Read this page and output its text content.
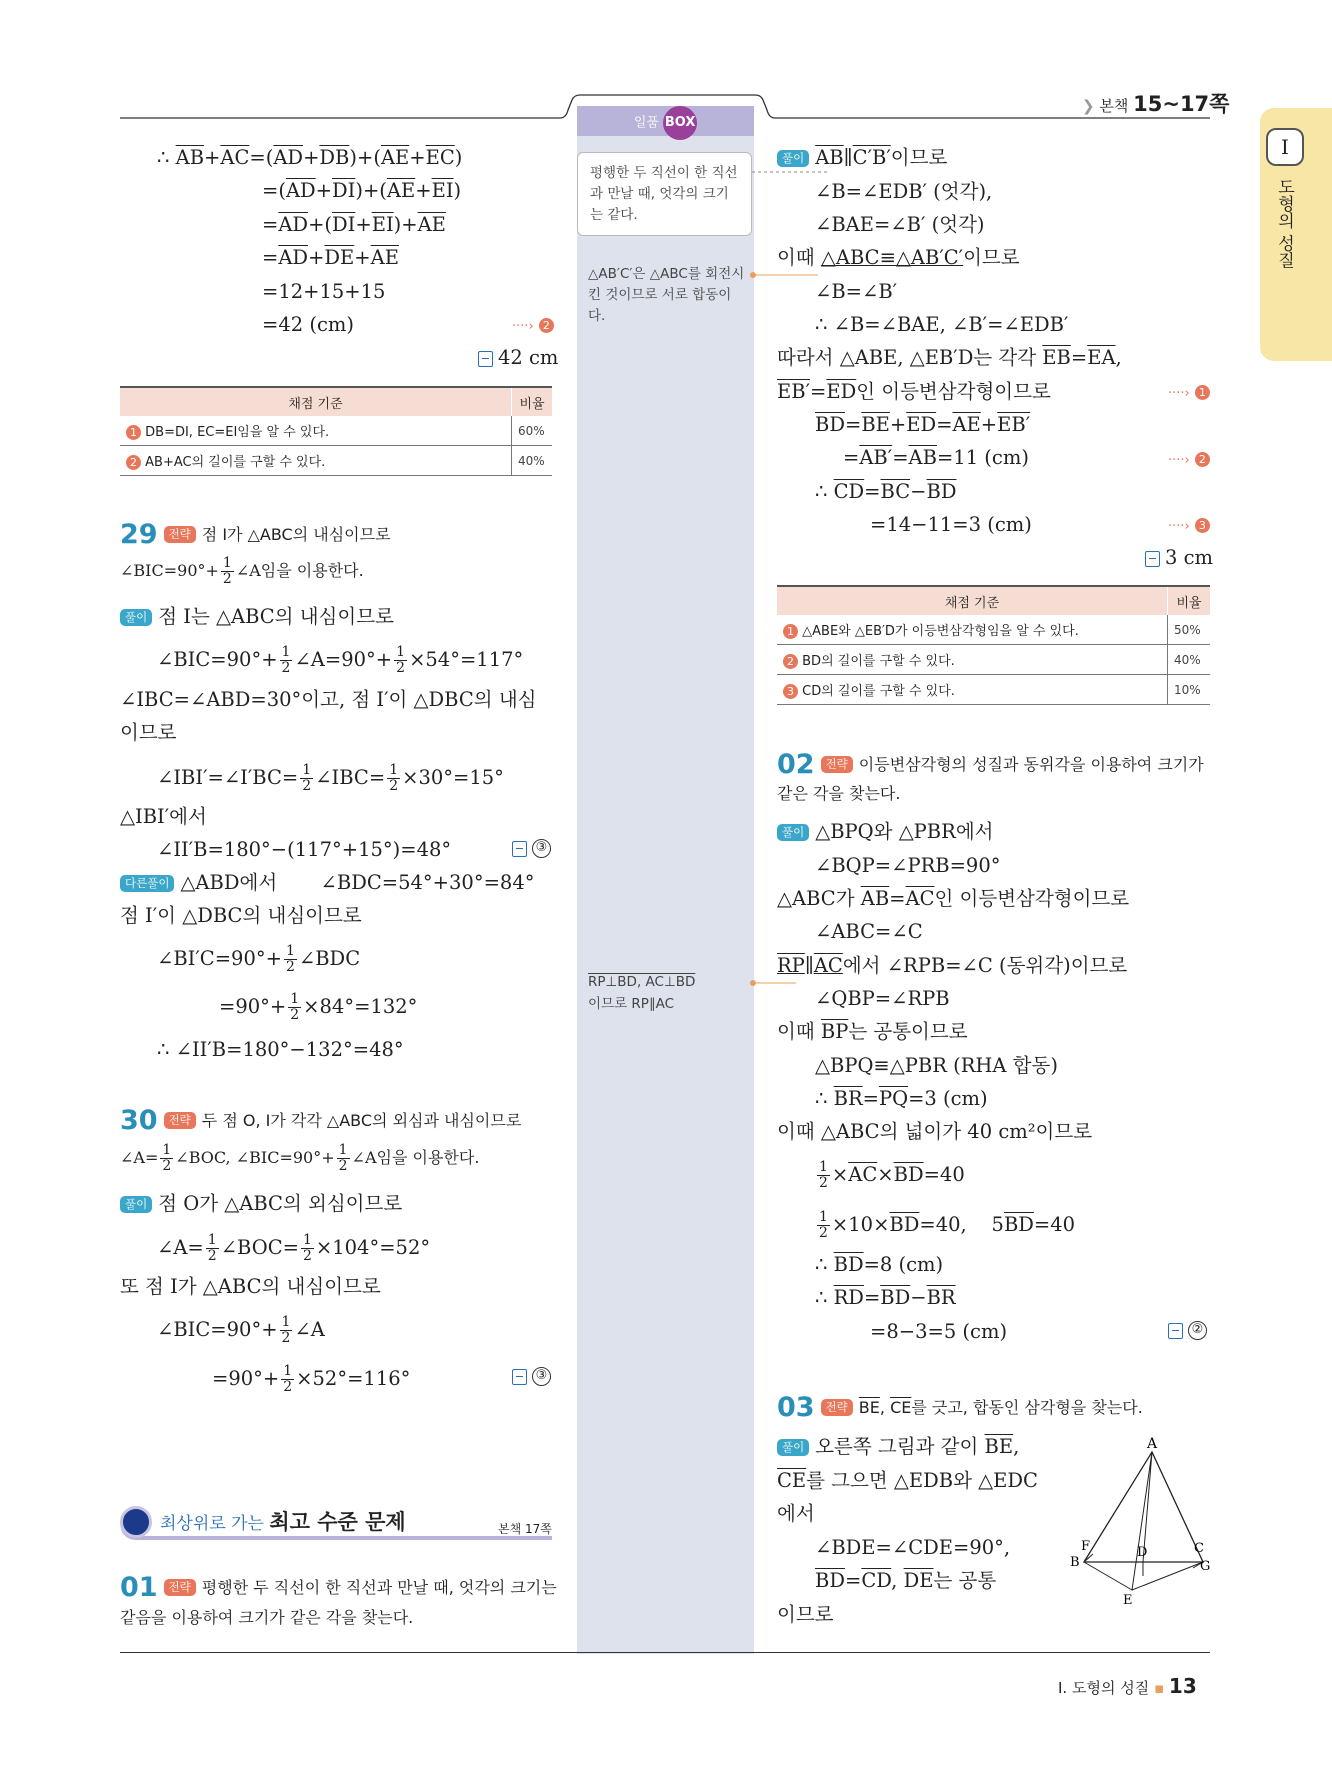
❯ 본책 15~17쪽
I
도형의 성질
일품 BOX
평행한 두 직선이 한 직선과 만날 때, 엇각의 크기는 같다.
△AB′C′은 △ABC를 회전시킨 것이므로 서로 합동이다.
RP⊥BD, AC⊥BD
이므로 RP∥AC
∴ $\overline{AB}+\overline{AC}=(\overline{AD}+\overline{DB})+(\overline{AE}+\overline{EC})$
$=(\overline{AD}+\overline{DI})+(\overline{AE}+\overline{EI})$
$=\overline{AD}+(\overline{DI}+\overline{EI})+\overline{AE}$
$=\overline{AD}+\overline{DE}+\overline{AE}$
=12+15+15
=42 (cm)	····› 2
42 cm
채점 기준	비율
1 DB=DI, EC=EI임을 알 수 있다.	60%
2 AB+AC의 길이를 구할 수 있다.	40%
29 전략 점 I가 △ABC의 내심이므로
∠BIC=90°+ $\frac{1}{2}$ ∠A임을 이용한다.
풀이 점 I는 △ABC의 내심이므로
∠BIC=90°+ $\frac{1}{2}$ ∠A=90°+ $\frac{1}{2} \times 54^\circ=117^\circ$
∠IBC=∠ABD=30°이고, 점 I′이 △DBC의 내심
이므로
∠IBI′=∠I′BC= $\frac{1}{2}$ ∠IBC= $\frac{1}{2} \times 30^\circ=15^\circ$
△IBI′에서
∠II′B=180°−(117°+15°)=48°	③
다른풀이 △ABD에서       ∠BDC=54°+30°=84°
점 I′이 △DBC의 내심이므로
∠BI′C=90°+ $\frac{1}{2}$ ∠BDC
$=90^\circ+ \frac{1}{2} \times 84^\circ=132^\circ$
∴ ∠II′B=180°−132°=48°
30 전략 두 점 O, I가 각각 △ABC의 외심과 내심이므로
∠A= $\frac{1}{2}$ ∠BOC, ∠BIC=90°+ $\frac{1}{2}$ ∠A임을 이용한다.
풀이 점 O가 △ABC의 외심이므로
∠A= $\frac{1}{2}$ ∠BOC= $\frac{1}{2} \times 104^\circ=52^\circ$
또 점 I가 △ABC의 내심이므로
∠BIC=90°+ $\frac{1}{2}$ ∠A
$=90^\circ+ \frac{1}{2} \times 52^\circ=116^\circ$	③
최상위로 가는 최고 수준 문제	본책 17쪽
01 전략 평행한 두 직선이 한 직선과 만날 때, 엇각의 크기는
같음을 이용하여 크기가 같은 각을 찾는다.
풀이 $\overline{AB}\parallel C'B'$이므로
∠B=∠EDB′ (엇각),
∠BAE=∠B′ (엇각)
이때 △ABC≡△AB′C′이므로
∠B=∠B′
∴ ∠B=∠BAE, ∠B′=∠EDB′
따라서 △ABE, △EB′D는 각각 $\overline{EB}=\overline{EA}$,
$EB'=\overline{ED}$인 이등변삼각형이므로	····› 1
$\overline{BD}=\overline{BE}+\overline{ED}=\overline{AE}+EB'$
$=AB'=\overline{AB}=11$ (cm)	····› 2
∴ $\overline{CD}=\overline{BC}-\overline{BD}$
=14−11=3 (cm)	····› 3
3 cm
채점 기준	비율
1 △ABE와 △EB′D가 이등변삼각형임을 알 수 있다.	50%
2 BD의 길이를 구할 수 있다.	40%
3 CD의 길이를 구할 수 있다.	10%
02 전략 이등변삼각형의 성질과 동위각을 이용하여 크기가
같은 각을 찾는다.
풀이 △BPQ와 △PBR에서
∠BQP=∠PRB=90°
△ABC가 $\overline{AB}=\overline{AC}$인 이등변삼각형이므로
∠ABC=∠C
RP∥AC에서 ∠RPB=∠C (동위각)이므로
∠QBP=∠RPB
이때 $\overline{BP}$는 공통이므로
△BPQ≡△PBR (RHA 합동)
∴ $\overline{BR}=\overline{PQ}=3$ (cm)
이때 △ABC의 넓이가 40 cm²이므로
$\frac{1}{2} \times\overline{AC}\times\overline{BD}=40$
$\frac{1}{2} \times 10\times\overline{BD}=40$,    $5\overline{BD}=40$
∴ $\overline{BD}=8$ (cm)
∴ $\overline{RD}=\overline{BD}-\overline{BR}$
=8−3=5 (cm)	②
03 전략 $\overline{BE}$, $\overline{CE}$를 긋고, 합동인 삼각형을 찾는다.
풀이 오른쪽 그림과 같이 $\overline{BE}$,
$\overline{CE}$를 그으면 △EDB와 △EDC
에서
∠BDE=∠CDE=90°,
$\overline{BD}=\overline{CD}$, $\overline{DE}$는 공통
이므로
A
B
F	D	C
G
E
I. 도형의 성질 ▪ 13
